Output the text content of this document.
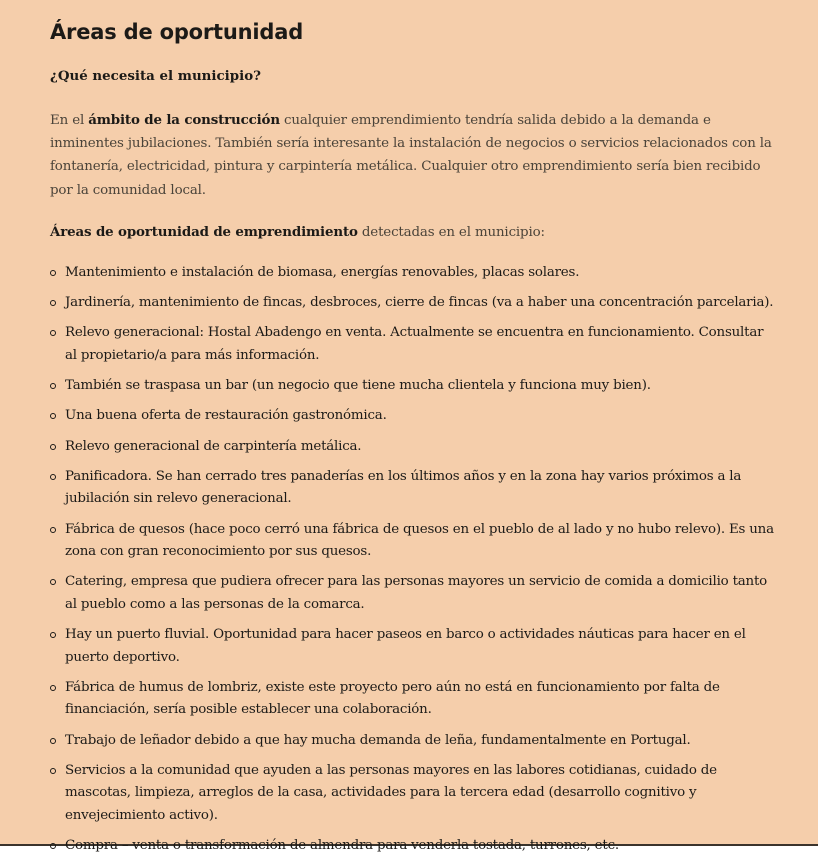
Áreas de oportunidad
¿Qué necesita el municipio?

En el ámbito de la construcción cualquier emprendimiento tendría salida debido a la demanda e inminentes jubilaciones. También sería interesante la instalación de negocios o servicios relacionados con la fontanería, electricidad, pintura y carpintería metálica. Cualquier otro emprendimiento sería bien recibido por la comunidad local.

Áreas de oportunidad de emprendimiento detectadas en el municipio:

Mantenimiento e instalación de biomasa, energías renovables, placas solares.
Jardinería, mantenimiento de fincas, desbroces, cierre de fincas (va a haber una concentración parcelaria).
Relevo generacional: Hostal Abadengo en venta. Actualmente se encuentra en funcionamiento. Consultar al propietario/a para más información.
También se traspasa un bar (un negocio que tiene mucha clientela y funciona muy bien).
Una buena oferta de restauración gastronómica.
Relevo generacional de carpintería metálica.
Panificadora. Se han cerrado tres panaderías en los últimos años y en la zona hay varios próximos a la jubilación sin relevo generacional.
Fábrica de quesos (hace poco cerró una fábrica de quesos en el pueblo de al lado y no hubo relevo). Es una zona con gran reconocimiento por sus quesos.
Catering, empresa que pudiera ofrecer para las personas mayores un servicio de comida a domicilio tanto al pueblo como a las personas de la comarca.
Hay un puerto fluvial. Oportunidad para hacer paseos en barco o actividades náuticas para hacer en el puerto deportivo.
Fábrica de humus de lombriz, existe este proyecto pero aún no está en funcionamiento por falta de financiación, sería posible establecer una colaboración.
Trabajo de leñador debido a que hay mucha demanda de leña, fundamentalmente en Portugal.
Servicios a la comunidad que ayuden a las personas mayores en las labores cotidianas, cuidado de mascotas, limpieza, arreglos de la casa, actividades para la tercera edad (desarrollo cognitivo y envejecimiento activo).
Compra – venta o transformación de almendra para venderla tostada, turrones, etc.
